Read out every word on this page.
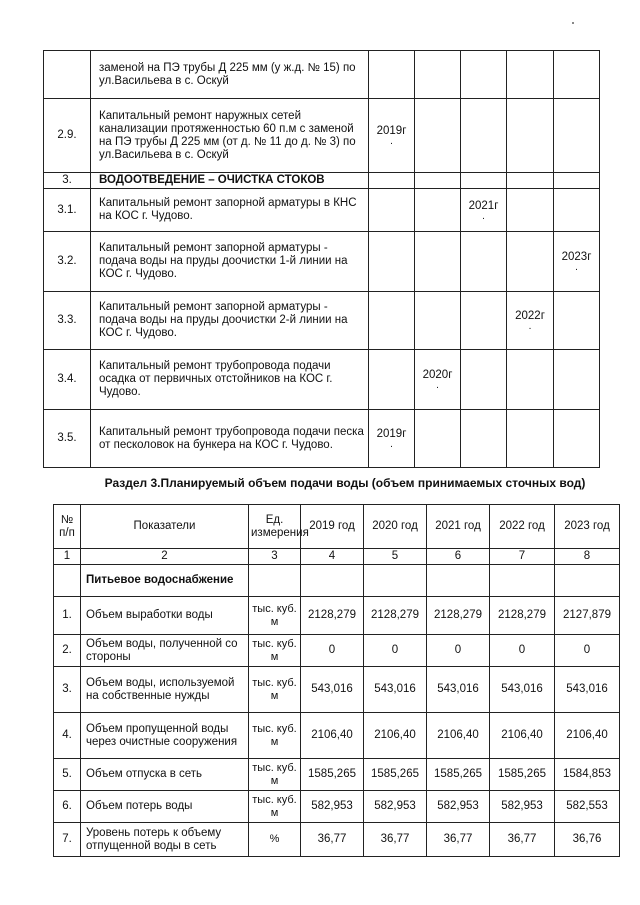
	замeной на ПЭ трубы Д 225 мм (у ж.д. № 15) по ул.Васильева в с. Оскуй					
2.9.	Капитальный ремонт наружных сетей канализации протяженностью 60 п.м с замeной на ПЭ трубы Д 225 мм (от д. № 11 до д. № 3) по ул.Васильева в с. Оскуй	2019г
.				

3.	ВОДООТВЕДЕНИЕ – ОЧИСТКА СТОКОВ					
3.1.	Капитальный ремонт запорной арматуры в КНС на КОС г. Чудово.			2021г
.		

3.2.	Капитальный ремонт запорной арматуры - подача воды на пруды доочистки 1-й линии на КОС г. Чудово.					2023г
.

3.3.	Капитальный ремонт запорной арматуры - подача воды на пруды доочистки 2-й линии на КОС г. Чудово.				2022г
.	

3.4.	Капитальный ремонт трубопровода подачи осадка от первичных отстойников на КОС г. Чудово.		2020г
.			

3.5.	Капитальный ремонт трубопровода подачи песка от песколовок на бункера на КОС г. Чудово.	2019г
.				

Раздел 3.Планируемый объем подачи воды (объем принимаемых сточных вод)
№ п/п	Показатели	Ед. измерения	2019 год	2020 год	2021 год	2022 год	2023 год
1	2	3	4	5	6	7	8
	Питьевое водоснабжение						
1.	Объем выработки воды	тыс. куб. м	2128,279	2128,279	2128,279	2128,279	2127,879
2.	Объем воды, полученной со стороны	тыс. куб. м	0	0	0	0	0
3.	Объем воды, используемой на собственные нужды	тыс. куб. м	543,016	543,016	543,016	543,016	543,016
4.	Объем пропущенной воды через очистные сооружения	тыс. куб. м	2106,40	2106,40	2106,40	2106,40	2106,40
5.	Объем отпуска в сеть	тыс. куб. м	1585,265	1585,265	1585,265	1585,265	1584,853
6.	Объем потерь воды	тыс. куб. м	582,953	582,953	582,953	582,953	582,553
7.	Уровень потерь к объему отпущенной воды в сеть	%	36,77	36,77	36,77	36,77	36,76
